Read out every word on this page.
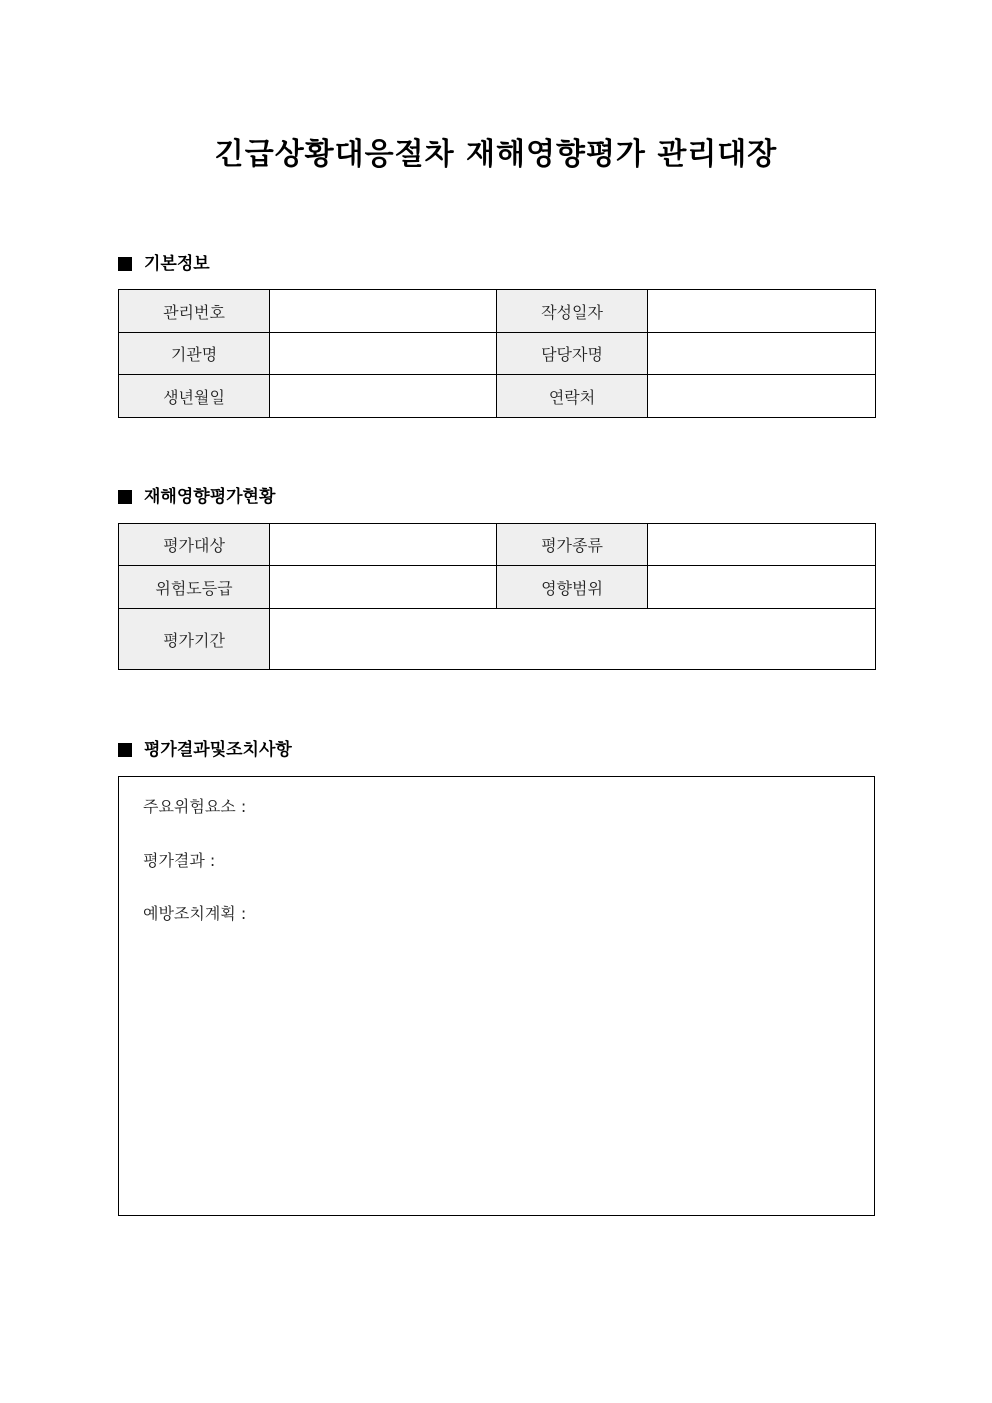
긴급상황대응절차 재해영향평가 관리대장
기본정보
관리번호		작성일자	
기관명		담당자명	
생년월일		연락처	
재해영향평가현황
평가대상		평가종류	
위험도등급		영향범위	
평가기간			
평가결과및조치사항
주요위험요소 :
평가결과 :
예방조치계획 :
